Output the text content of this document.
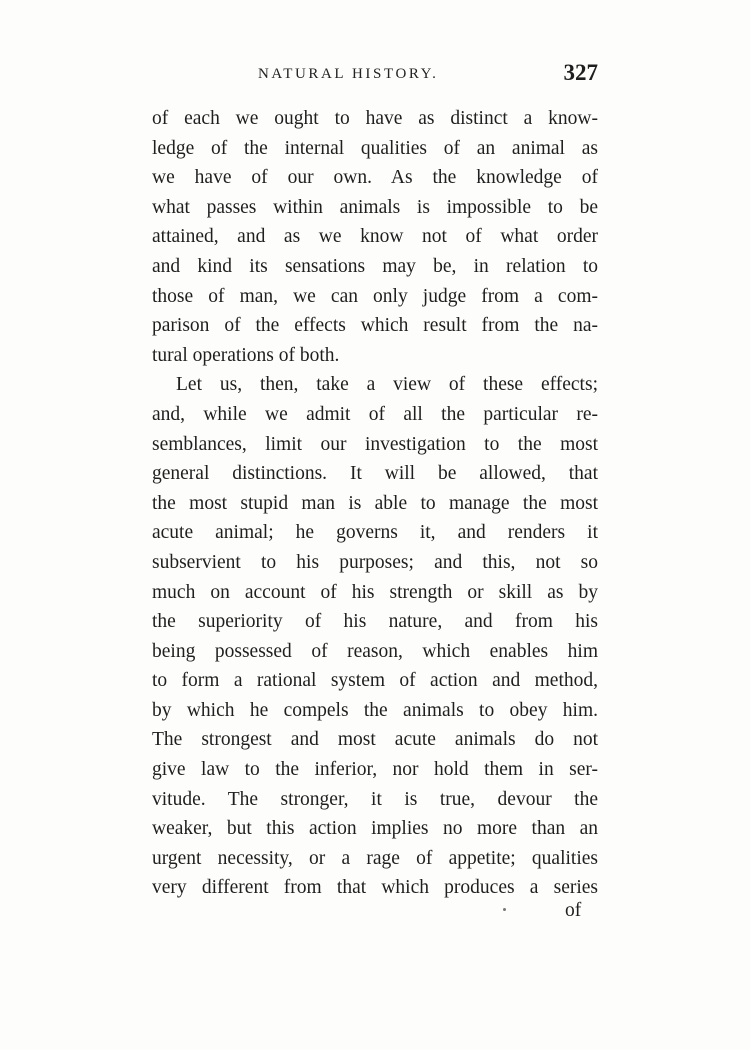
NATURAL HISTORY.	327
of each we ought to have as distinct a know-
ledge of the internal qualities of an animal as
we have of our own. As the knowledge of
what passes within animals is impossible to be
attained, and as we know not of what order
and kind its sensations may be, in relation to
those of man, we can only judge from a com-
parison of the effects which result from the na-
tural operations of both.
Let us, then, take a view of these effects;
and, while we admit of all the particular re-
semblances, limit our investigation to the most
general distinctions. It will be allowed, that
the most stupid man is able to manage the most
acute animal; he governs it, and renders it
subservient to his purposes; and this, not so
much on account of his strength or skill as by
the superiority of his nature, and from his
being possessed of reason, which enables him
to form a rational system of action and method,
by which he compels the animals to obey him.
The strongest and most acute animals do not
give law to the inferior, nor hold them in ser-
vitude. The stronger, it is true, devour the
weaker, but this action implies no more than an
urgent necessity, or a rage of appetite; qualities
very different from that which produces a series
of
